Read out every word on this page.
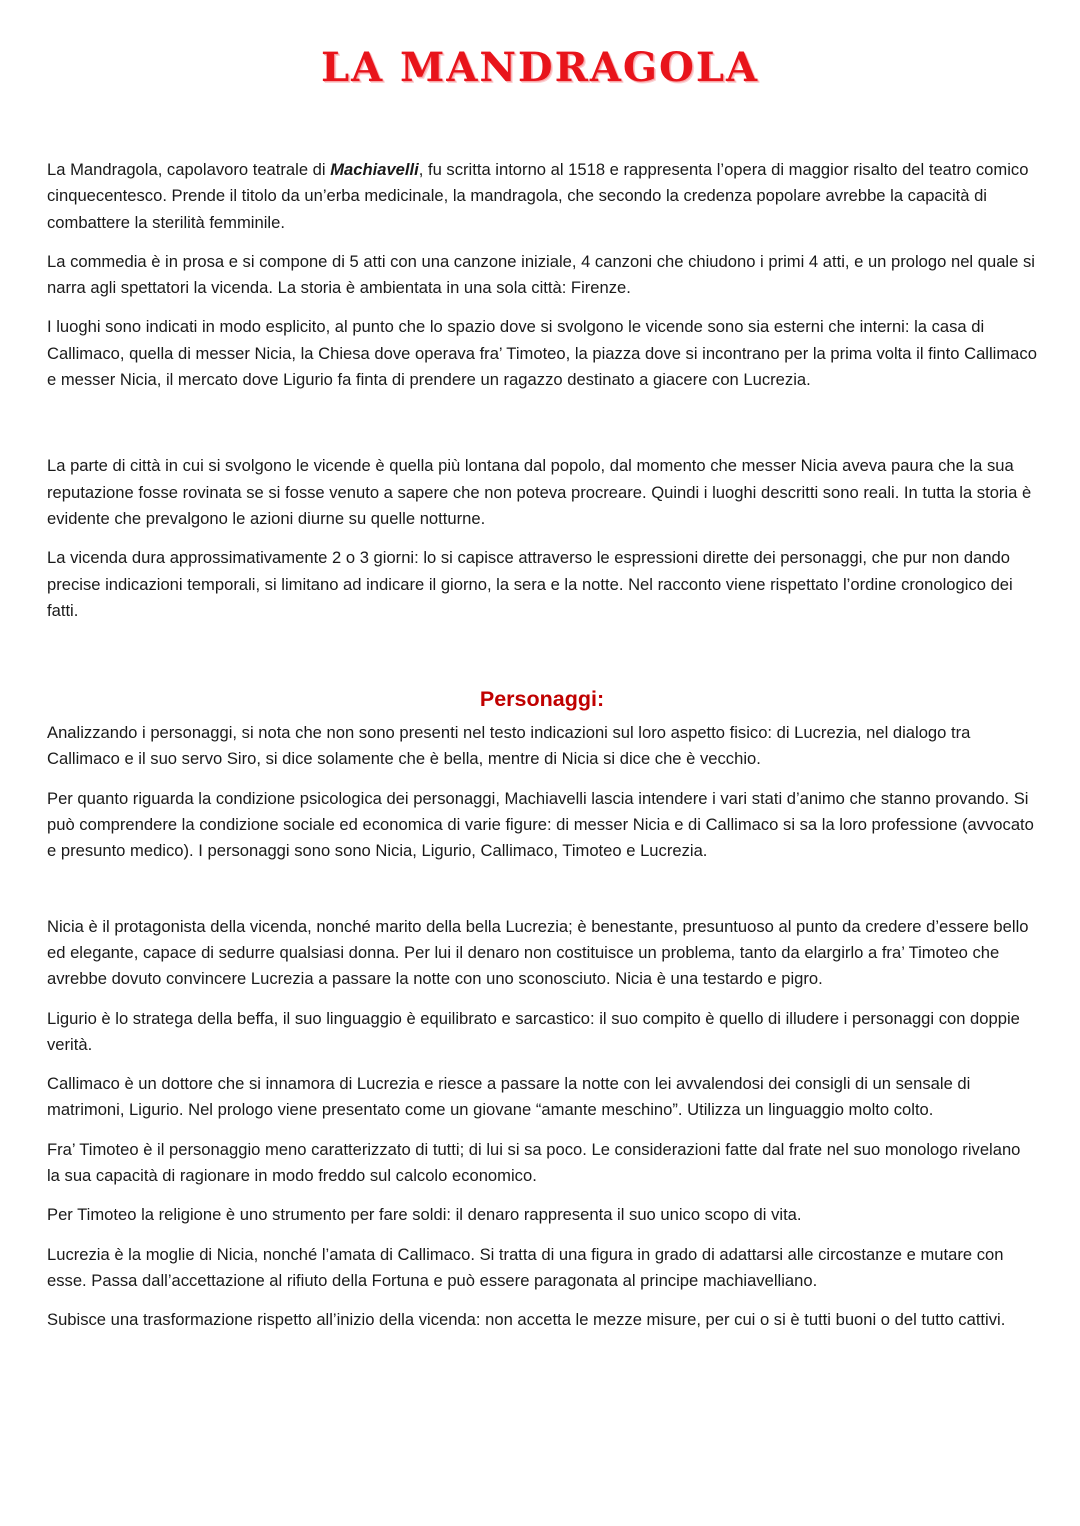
LA MANDRAGOLA

La Mandragola, capolavoro teatrale di Machiavelli, fu scritta intorno al 1518 e rappresenta l’opera di maggior risalto del teatro comico cinquecentesco. Prende il titolo da un’erba medicinale, la mandragola, che secondo la credenza popolare avrebbe la capacità di combattere la sterilità femminile.

La commedia è in prosa e si compone di 5 atti con una canzone iniziale, 4 canzoni che chiudono i primi 4 atti, e un prologo nel quale si narra agli spettatori la vicenda. La storia è ambientata in una sola città: Firenze.

I luoghi sono indicati in modo esplicito, al punto che lo spazio dove si svolgono le vicende sono sia esterni che interni: la casa di Callimaco, quella di messer Nicia, la Chiesa dove operava fra’ Timoteo, la piazza dove si incontrano per la prima volta il finto Callimaco e messer Nicia, il mercato dove Ligurio fa finta di prendere un ragazzo destinato a giacere con Lucrezia.

La parte di città in cui si svolgono le vicende è quella più lontana dal popolo, dal momento che messer Nicia aveva paura che la sua reputazione fosse rovinata se si fosse venuto a sapere che non poteva procreare. Quindi i luoghi descritti sono reali. In tutta la storia è evidente che prevalgono le azioni diurne su quelle notturne.

La vicenda dura approssimativamente 2 o 3 giorni: lo si capisce attraverso le espressioni dirette dei personaggi, che pur non dando precise indicazioni temporali, si limitano ad indicare il giorno, la sera e la notte. Nel racconto viene rispettato l’ordine cronologico dei fatti.

Personaggi:

Analizzando i personaggi, si nota che non sono presenti nel testo indicazioni sul loro aspetto fisico: di Lucrezia, nel dialogo tra Callimaco e il suo servo Siro, si dice solamente che è bella, mentre di Nicia si dice che è vecchio.

Per quanto riguarda la condizione psicologica dei personaggi, Machiavelli lascia intendere i vari stati d’animo che stanno provando. Si può comprendere la condizione sociale ed economica di varie figure: di messer Nicia e di Callimaco si sa la loro professione (avvocato e presunto medico). I personaggi sono sono Nicia, Ligurio, Callimaco, Timoteo e Lucrezia.

Nicia è il protagonista della vicenda, nonché marito della bella Lucrezia; è benestante, presuntuoso al punto da credere d’essere bello ed elegante, capace di sedurre qualsiasi donna. Per lui il denaro non costituisce un problema, tanto da elargirlo a fra’ Timoteo che avrebbe dovuto convincere Lucrezia a passare la notte con uno sconosciuto. Nicia è una testardo e pigro.

Ligurio è lo stratega della beffa, il suo linguaggio è equilibrato e sarcastico: il suo compito è quello di illudere i personaggi con doppie verità.

Callimaco è un dottore che si innamora di Lucrezia e riesce a passare la notte con lei avvalendosi dei consigli di un sensale di matrimoni, Ligurio. Nel prologo viene presentato come un giovane “amante meschino”. Utilizza un linguaggio molto colto.

Fra’ Timoteo è il personaggio meno caratterizzato di tutti; di lui si sa poco. Le considerazioni fatte dal frate nel suo monologo rivelano la sua capacità di ragionare in modo freddo sul calcolo economico.

Per Timoteo la religione è uno strumento per fare soldi: il denaro rappresenta il suo unico scopo di vita.

Lucrezia è la moglie di Nicia, nonché l’amata di Callimaco. Si tratta di una figura in grado di adattarsi alle circostanze e mutare con esse. Passa dall’accettazione al rifiuto della Fortuna e può essere paragonata al principe machiavelliano.

Subisce una trasformazione rispetto all’inizio della vicenda: non accetta le mezze misure, per cui o si è tutti buoni o del tutto cattivi.
